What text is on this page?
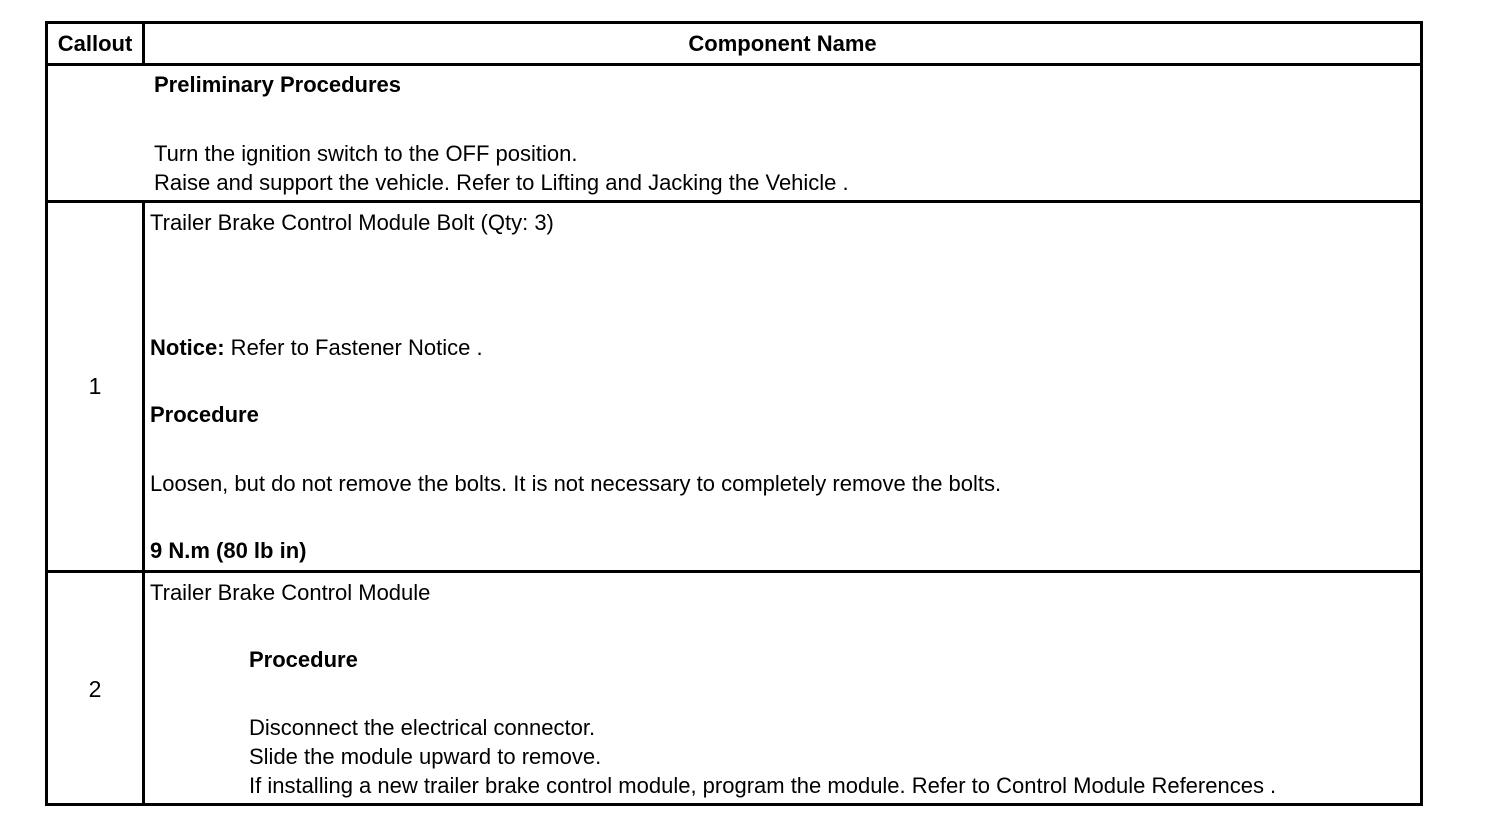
Callout	Component Name
Preliminary Procedures
Turn the ignition switch to the OFF position.
Raise and support the vehicle. Refer to Lifting and Jacking the Vehicle .
1
Trailer Brake Control Module Bolt (Qty: 3)
Notice: Refer to Fastener Notice .
Procedure
Loosen, but do not remove the bolts. It is not necessary to completely remove the bolts.
9 N.m (80 lb in)
2
Trailer Brake Control Module
Procedure
Disconnect the electrical connector.
Slide the module upward to remove.
If installing a new trailer brake control module, program the module. Refer to Control Module References .
